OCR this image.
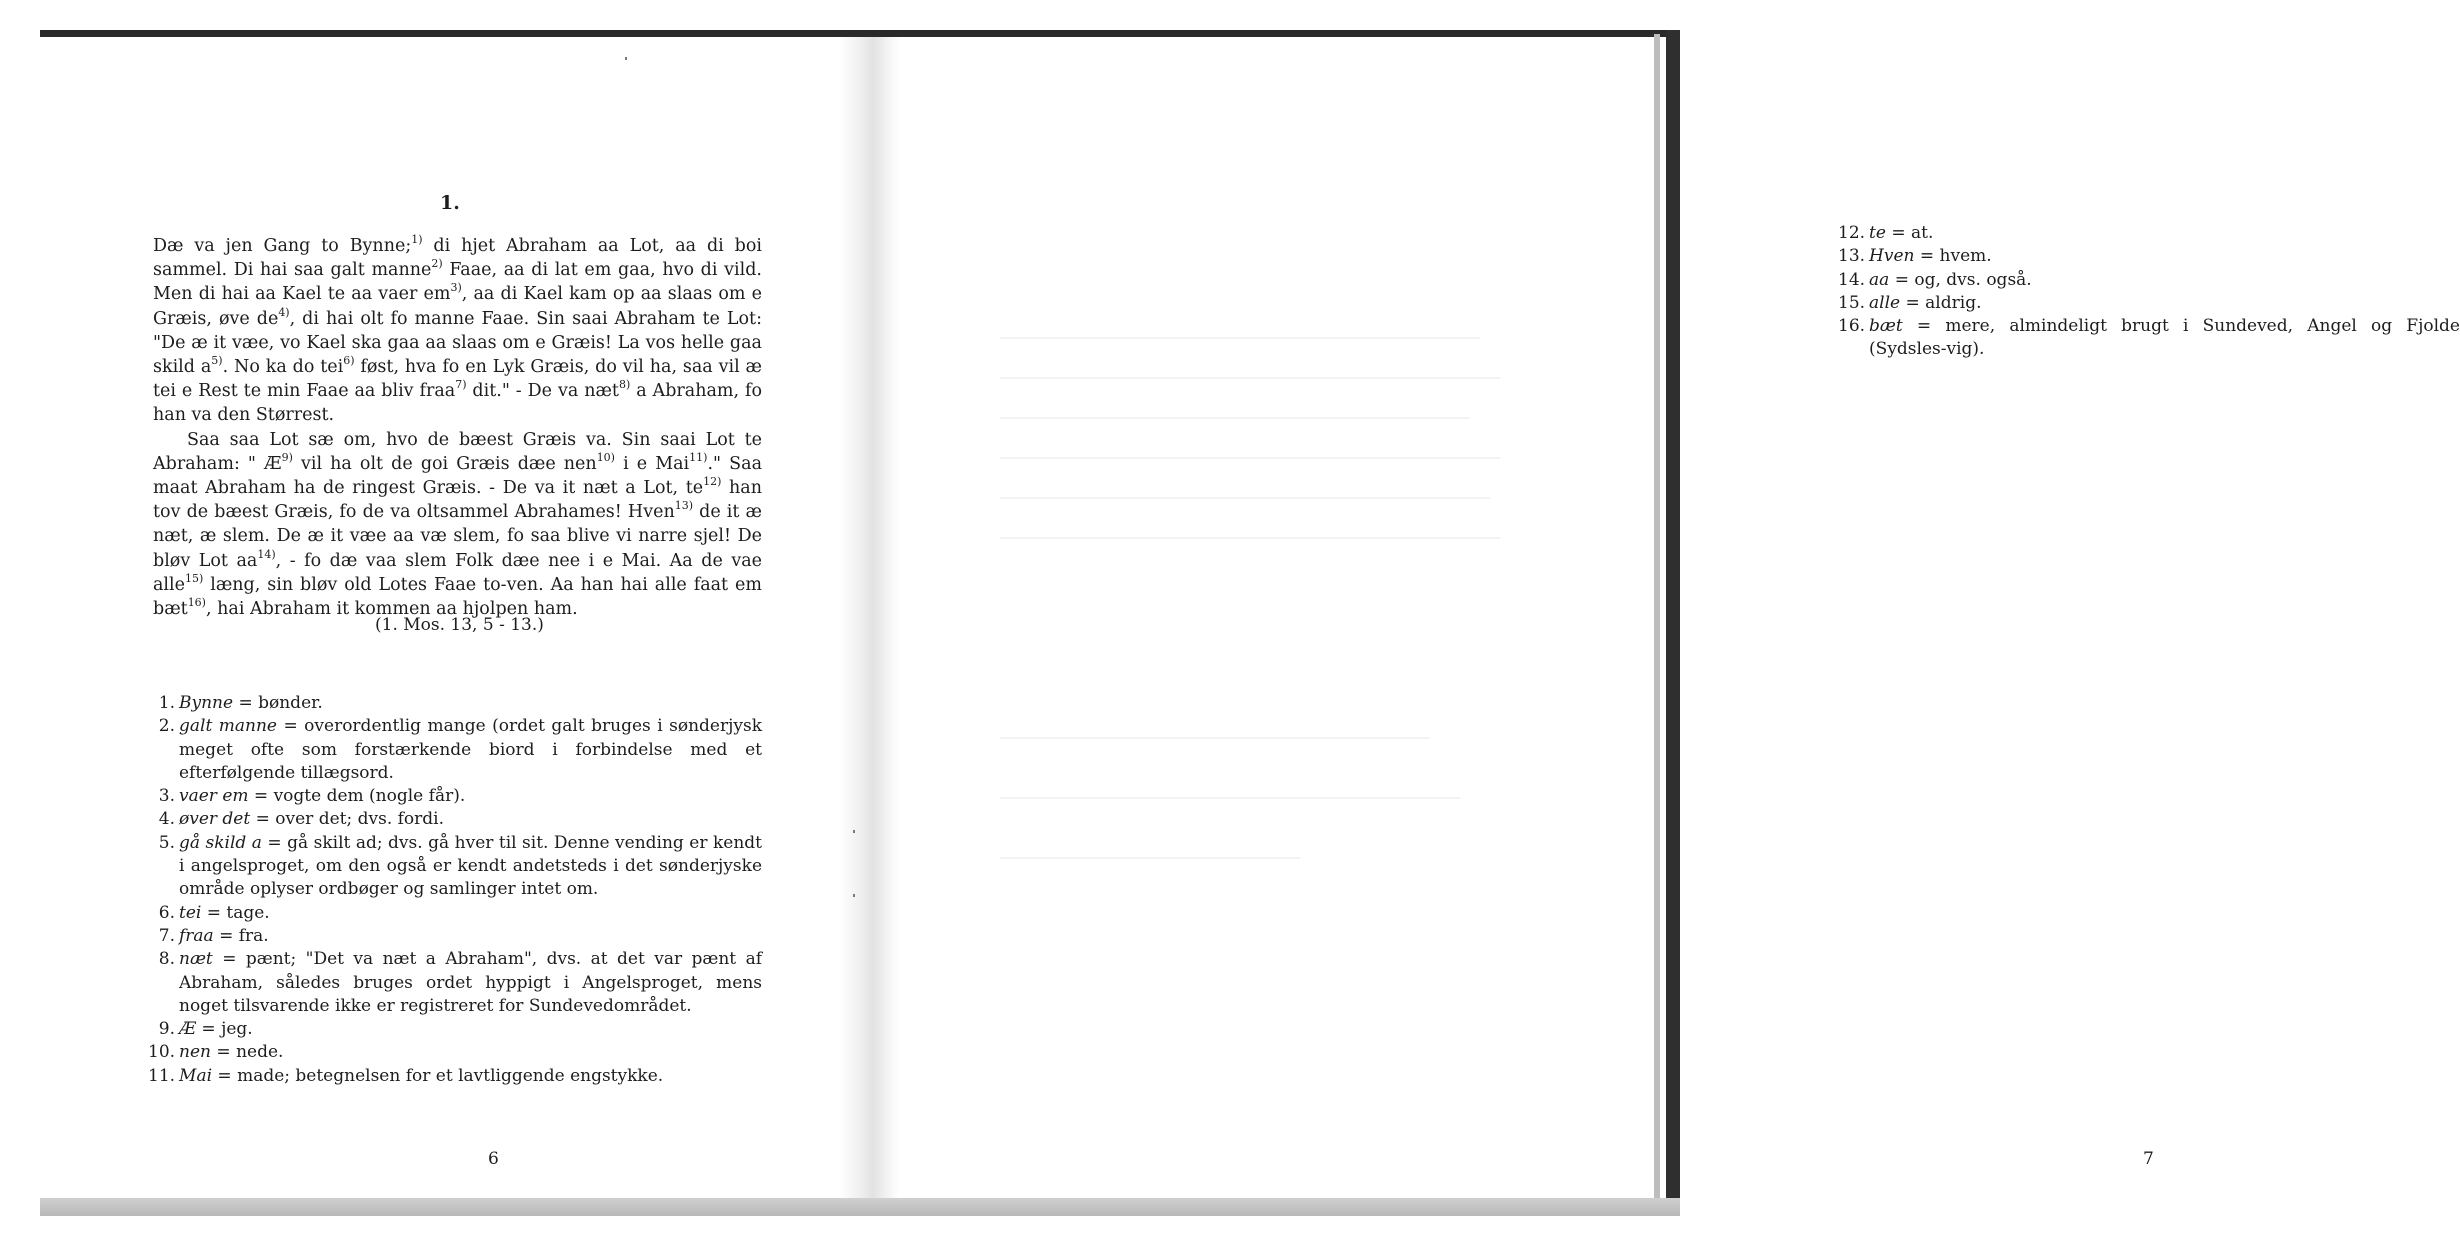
1.

Dæ va jen Gang to Bynne;$^{1)}$ di hjet Abraham aa Lot, aa di boi sammel. Di hai saa galt manne$^{2)}$ Faae, aa di lat em gaa, hvo di vild. Men di hai aa Kael te aa vaer $em^{3)}$, aa di Kael kam op aa slaas om e Græis, øve $de^{4)}$, di hai olt fo manne Faae. Sin saai Abraham te Lot: "De æ it væe, vo Kael ska gaa aa slaas om e Græis! La vos helle gaa skild $a^{5)}$. No ka do tei$^{6)}$ føst, hva fo en Lyk Græis, do vil ha, saa vil æ tei e Rest te min Faae aa bliv fraa$^{7)}$ dit." - De va næt$^{8)}$ a Abraham, fo han va den Størrest.

Saa saa Lot sæ om, hvo de bæest Græis va. Sin saai Lot te Abraham: " $Æ^{9)}$ vil ha olt de goi Græis dæe nen$^{10)}$ i e Mai$^{11)}$." Saa maat Abraham ha de ringest Græis. - De va it næt a Lot, $te^{12)}$ han tov de bæest Græis, fo de va oltsammel Abrahames! Hven$^{13)}$ de it æ næt, æ slem. De æ it væe aa væ slem, fo saa blive vi narre sjel! De bløv Lot $aa^{14)}$, - fo dæ vaa slem Folk dæe nee i e Mai. Aa de vae alle$^{15)}$ læng, sin bløv old Lotes Faae to-ven. Aa han hai alle faat em bæt$^{16)}$, hai Abraham it kommen aa hjolpen ham.

(1. Mos. 13, 5 - 13.)
1. Bynne = bønder.
2. galt manne = overordentlig mange (ordet galt bruges i sønderjysk meget ofte som forstærkende biord i forbindelse med et efterfølgende tillægsord.
3. vaer em = vogte dem (nogle får).
4. øver det = over det; dvs. fordi.
5. gå skild a = gå skilt ad; dvs. gå hver til sit. Denne vending er kendt i angelsproget, om den også er kendt andetsteds i det sønderjyske område oplyser ordbøger og samlinger intet om.
6. tei = tage.
7. fraa = fra.
8. næt = pænt; "Det va næt a Abraham", dvs. at det var pænt af Abraham, således bruges ordet hyppigt i Angelsproget, mens noget tilsvarende ikke er registreret for Sundevedområdet.
9. Æ = jeg.
10. nen = nede.
11. Mai = made; betegnelsen for et lavtliggende engstykke.
6
12. te = at.
13. Hven = hvem.
14. aa = og, dvs. også.
15. alle = aldrig.
16. bæt = mere, almindeligt brugt i Sundeved, Angel og Fjolde (Sydsles-vig).
7
